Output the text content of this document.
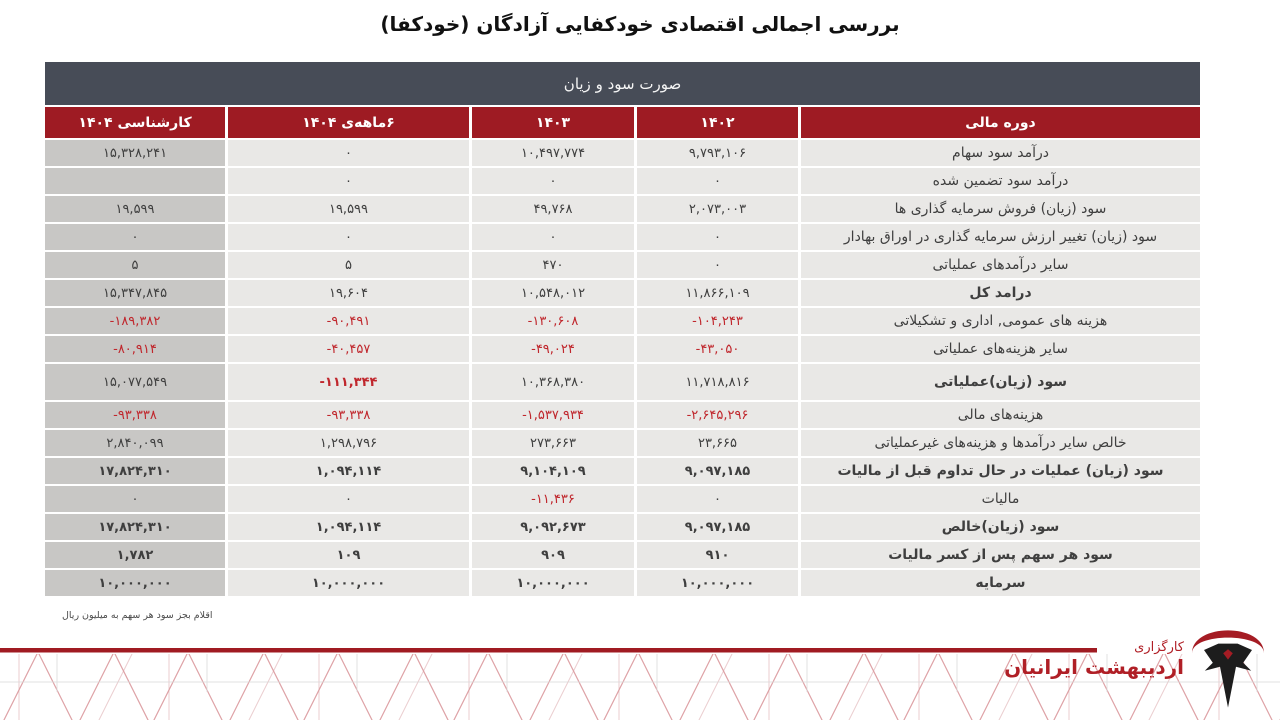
بررسی اجمالی اقتصادی خودکفایی آزادگان (خودکفا)
صورت سود و زیان
دوره مالی
۱۴۰۲
۱۴۰۳
۶ماهه‌ی ۱۴۰۴
کارشناسی ۱۴۰۴
درآمد سود سهام
۹,۷۹۳,۱۰۶
۱۰,۴۹۷,۷۷۴
۰
۱۵,۳۲۸,۲۴۱
درآمد سود تضمین شده
۰
۰
۰
سود (زیان) فروش سرمایه گذاری ها
۲,۰۷۳,۰۰۳
۴۹,۷۶۸
۱۹,۵۹۹
۱۹,۵۹۹
سود (زیان) تغییر ارزش سرمایه گذاری در اوراق بهادار
۰
۰
۰
۰
سایر درآمدهای عملیاتی
۰
۴۷۰
۵
۵
درامد کل
۱۱,۸۶۶,۱۰۹
۱۰,۵۴۸,۰۱۲
۱۹,۶۰۴
۱۵,۳۴۷,۸۴۵
هزینه های عمومی, اداری و تشکیلاتی
-۱۰۴,۲۴۳
-۱۳۰,۶۰۸
-۹۰,۴۹۱
-۱۸۹,۳۸۲
سایر هزینه‌های عملیاتی
-۴۳,۰۵۰
-۴۹,۰۲۴
-۴۰,۴۵۷
-۸۰,۹۱۴
سود (زیان)عملیاتی
۱۱,۷۱۸,۸۱۶
۱۰,۳۶۸,۳۸۰
-۱۱۱,۳۴۴
۱۵,۰۷۷,۵۴۹
هزینه‌های مالی
-۲,۶۴۵,۲۹۶
-۱,۵۳۷,۹۳۴
-۹۳,۳۳۸
-۹۳,۳۳۸
خالص سایر درآمدها و هزینه‌های غیرعملیاتی
۲۳,۶۶۵
۲۷۳,۶۶۳
۱,۲۹۸,۷۹۶
۲,۸۴۰,۰۹۹
سود (زیان) عملیات در حال تداوم قبل از مالیات
۹,۰۹۷,۱۸۵
۹,۱۰۴,۱۰۹
۱,۰۹۴,۱۱۴
۱۷,۸۲۴,۳۱۰
مالیات
۰
-۱۱,۴۳۶
۰
۰
سود (زیان)خالص
۹,۰۹۷,۱۸۵
۹,۰۹۲,۶۷۳
۱,۰۹۴,۱۱۴
۱۷,۸۲۴,۳۱۰
سود هر سهم پس از کسر مالیات
۹۱۰
۹۰۹
۱۰۹
۱,۷۸۲
سرمایه
۱۰,۰۰۰,۰۰۰
۱۰,۰۰۰,۰۰۰
۱۰,۰۰۰,۰۰۰
۱۰,۰۰۰,۰۰۰
اقلام بجز سود هر سهم به میلیون ریال
کارگزاری
اردیبهشت ایرانیان
